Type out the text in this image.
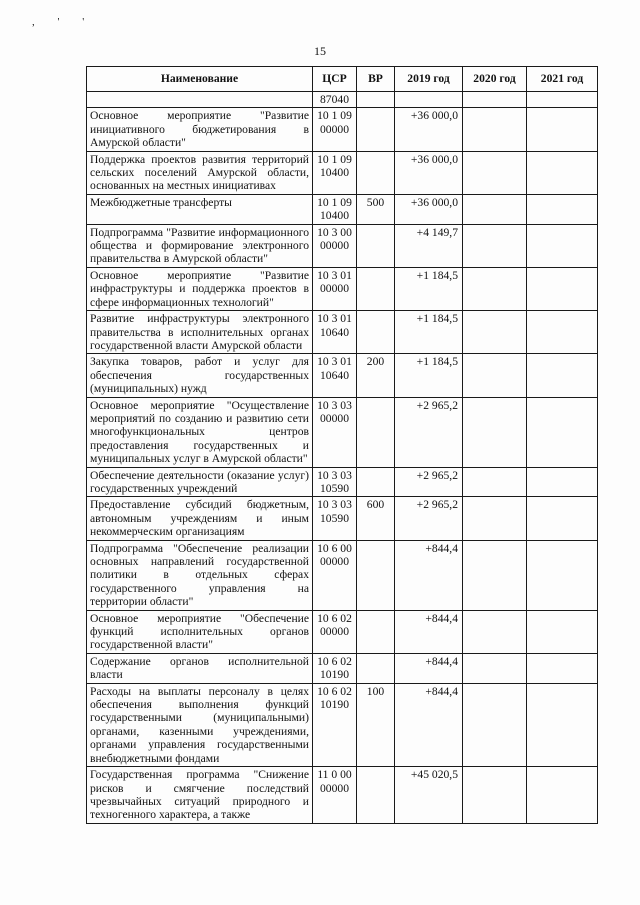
, ' '
15
Наименование	ЦСР	ВР	2019 год	2020 год	2021 год
	87040				
Основное мероприятие "Развитие инициативного бюджетирования в Амурской области"	10 1 09 00000		+36 000,0		
Поддержка проектов развития территорий сельских поселений Амурской области, основанных на местных инициативах	10 1 09 10400		+36 000,0		
Межбюджетные трансферты	10 1 09 10400	500	+36 000,0		
Подпрограмма "Развитие информационного общества и формирование электронного правительства в Амурской области"	10 3 00 00000		+4 149,7		
Основное мероприятие "Развитие инфраструктуры и поддержка проектов в сфере информационных технологий"	10 3 01 00000		+1 184,5		
Развитие инфраструктуры электронного правительства в исполнительных органах государственной власти Амурской области	10 3 01 10640		+1 184,5		
Закупка товаров, работ и услуг для обеспечения государственных (муниципальных) нужд	10 3 01 10640	200	+1 184,5		
Основное мероприятие "Осуществление мероприятий по созданию и развитию сети многофункциональных центров предоставления государственных и муниципальных услуг в Амурской области"	10 3 03 00000		+2 965,2		
Обеспечение деятельности (оказание услуг) государственных учреждений	10 3 03 10590		+2 965,2		
Предоставление субсидий бюджетным, автономным учреждениям и иным некоммерческим организациям	10 3 03 10590	600	+2 965,2		
Подпрограмма "Обеспечение реализации основных направлений государственной политики в отдельных сферах государственного управления на территории области"	10 6 00 00000		+844,4		
Основное мероприятие "Обеспечение функций исполнительных органов государственной власти"	10 6 02 00000		+844,4		
Содержание органов исполнительной власти	10 6 02 10190		+844,4		
Расходы на выплаты персоналу в целях обеспечения выполнения функций государственными (муниципальными) органами, казенными учреждениями, органами управления государственными внебюджетными фондами	10 6 02 10190	100	+844,4		
Государственная программа "Снижение рисков и смягчение последствий чрезвычайных ситуаций природного и техногенного характера, а также	11 0 00 00000		+45 020,5		
